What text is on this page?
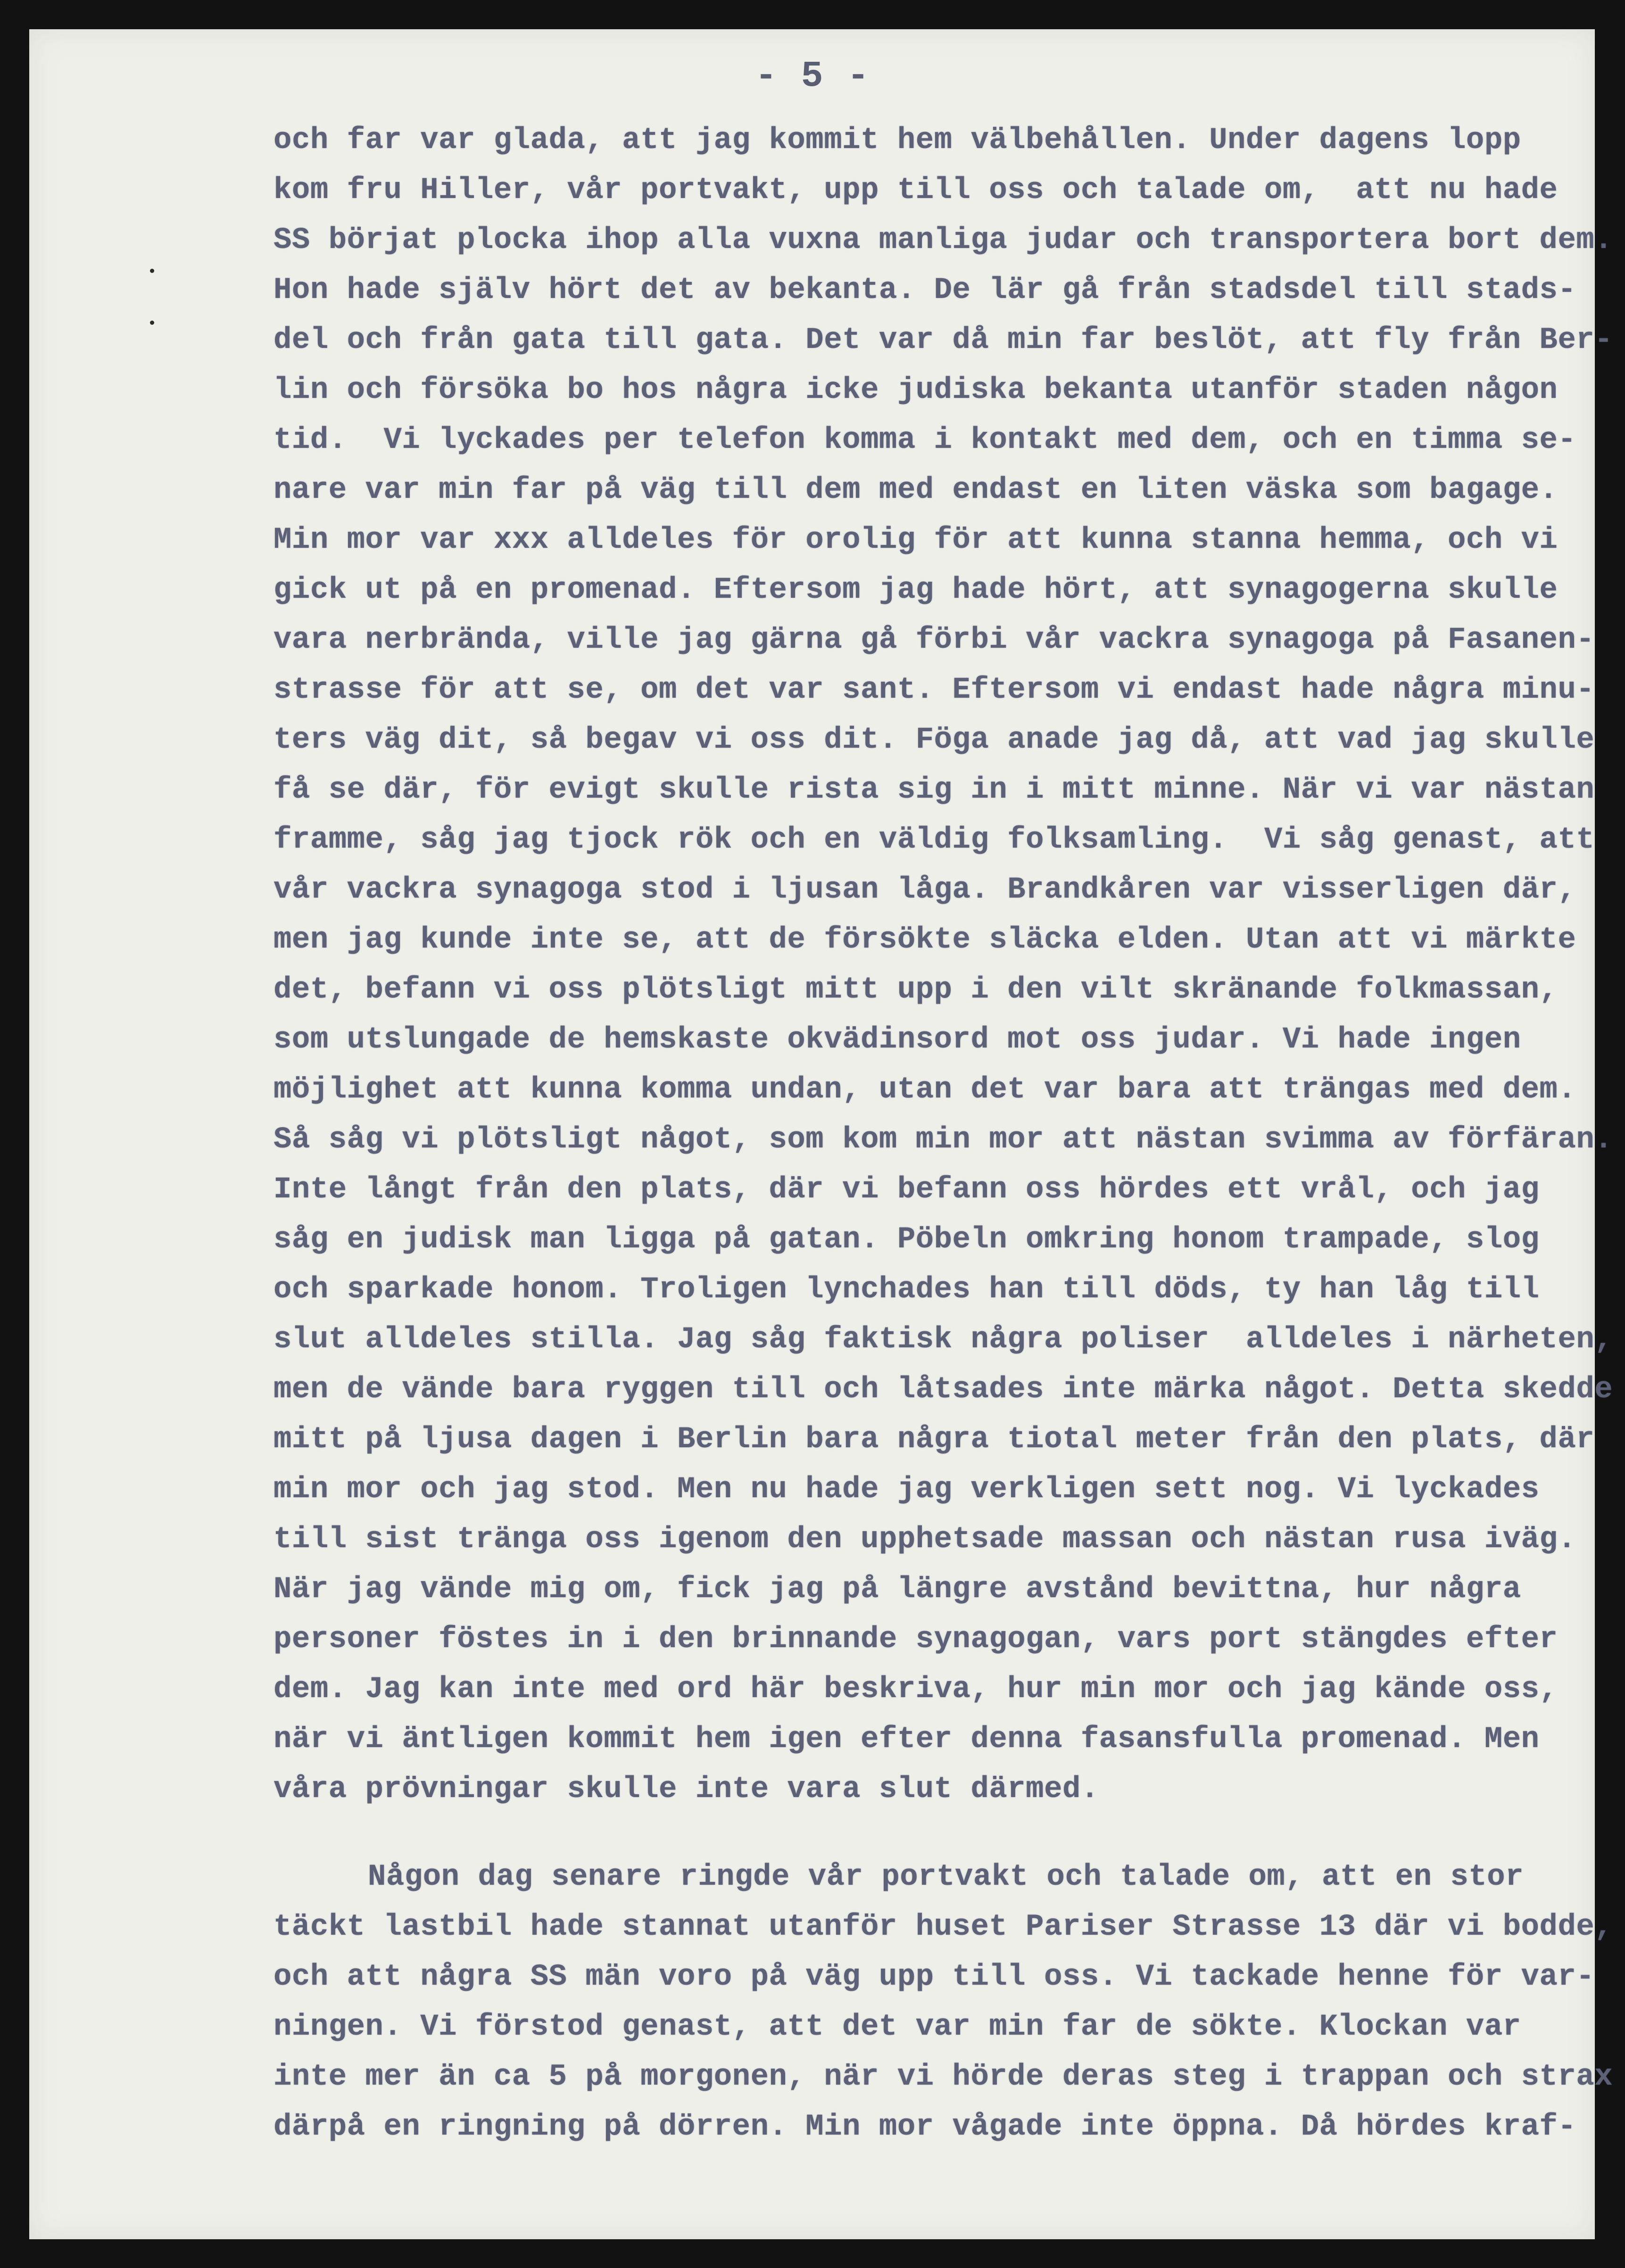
- 5 -
och far var glada, att jag kommit hem välbehållen. Under dagens lopp
kom fru Hiller, vår portvakt, upp till oss och talade om,  att nu hade
SS börjat plocka ihop alla vuxna manliga judar och transportera bort dem.
Hon hade själv hört det av bekanta. De lär gå från stadsdel till stads-
del och från gata till gata. Det var då min far beslöt, att fly från Ber-
lin och försöka bo hos några icke judiska bekanta utanför staden någon
tid.  Vi lyckades per telefon komma i kontakt med dem, och en timma se-
nare var min far på väg till dem med endast en liten väska som bagage.
Min mor var xxx alldeles för orolig för att kunna stanna hemma, och vi
gick ut på en promenad. Eftersom jag hade hört, att synagogerna skulle
vara nerbrända, ville jag gärna gå förbi vår vackra synagoga på Fasanen-
strasse för att se, om det var sant. Eftersom vi endast hade några minu-
ters väg dit, så begav vi oss dit. Föga anade jag då, att vad jag skulle
få se där, för evigt skulle rista sig in i mitt minne. När vi var nästan
framme, såg jag tjock rök och en väldig folksamling.  Vi såg genast, att
vår vackra synagoga stod i ljusan låga. Brandkåren var visserligen där,
men jag kunde inte se, att de försökte släcka elden. Utan att vi märkte
det, befann vi oss plötsligt mitt upp i den vilt skränande folkmassan,
som utslungade de hemskaste okvädinsord mot oss judar. Vi hade ingen
möjlighet att kunna komma undan, utan det var bara att trängas med dem.
Så såg vi plötsligt något, som kom min mor att nästan svimma av förfäran.
Inte långt från den plats, där vi befann oss hördes ett vrål, och jag
såg en judisk man ligga på gatan. Pöbeln omkring honom trampade, slog
och sparkade honom. Troligen lynchades han till döds, ty han låg till
slut alldeles stilla. Jag såg faktisk några poliser  alldeles i närheten,
men de vände bara ryggen till och låtsades inte märka något. Detta skedde
mitt på ljusa dagen i Berlin bara några tiotal meter från den plats, där
min mor och jag stod. Men nu hade jag verkligen sett nog. Vi lyckades
till sist tränga oss igenom den upphetsade massan och nästan rusa iväg.
När jag vände mig om, fick jag på längre avstånd bevittna, hur några
personer föstes in i den brinnande synagogan, vars port stängdes efter
dem. Jag kan inte med ord här beskriva, hur min mor och jag kände oss,
när vi äntligen kommit hem igen efter denna fasansfulla promenad. Men
våra prövningar skulle inte vara slut därmed.
Någon dag senare ringde vår portvakt och talade om, att en stor
täckt lastbil hade stannat utanför huset Pariser Strasse 13 där vi bodde,
och att några SS män voro på väg upp till oss. Vi tackade henne för var-
ningen. Vi förstod genast, att det var min far de sökte. Klockan var
inte mer än ca 5 på morgonen, när vi hörde deras steg i trappan och strax
därpå en ringning på dörren. Min mor vågade inte öppna. Då hördes kraf-
